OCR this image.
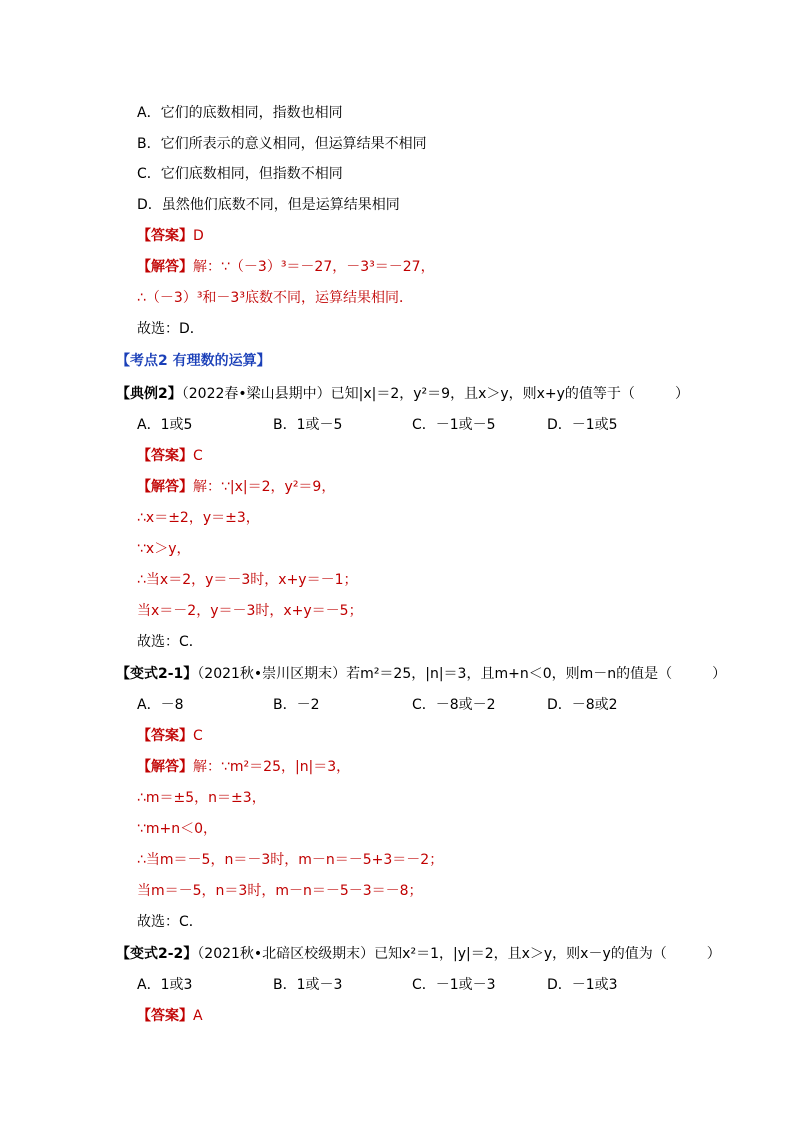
A．它们的底数相同，指数也相同
B．它们所表示的意义相同，但运算结果不相同
C．它们底数相同，但指数不相同
D．虽然他们底数不同，但是运算结果相同
【答案】D
【解答】解：∵（－3）³＝－27，－3³＝－27，
∴（－3）³和－3³底数不同，运算结果相同．
故选：D．
【考点2 有理数的运算】
【典例2】（2022春•梁山县期中）已知|x|＝2，y²＝9，且x＞y，则x+y的值等于（	）
A．1或5	B．1或－5	C．－1或－5	D．－1或5
【答案】C
【解答】解：∵|x|＝2，y²＝9，
∴x＝±2，y＝±3，
∵x＞y，
∴当x＝2，y＝－3时，x+y＝－1；
当x＝－2，y＝－3时，x+y＝－5；
故选：C．
【变式2-1】（2021秋•崇川区期末）若m²＝25，|n|＝3，且m+n＜0，则m－n的值是（	）
A．－8	B．－2	C．－8或－2	D．－8或2
【答案】C
【解答】解：∵m²＝25，|n|＝3，
∴m＝±5，n＝±3，
∵m+n＜0，
∴当m＝－5，n＝－3时，m－n＝－5+3＝－2；
当m＝－5，n＝3时，m－n＝－5－3＝－8；
故选：C．
【变式2-2】（2021秋•北碚区校级期末）已知x²＝1，|y|＝2，且x＞y，则x－y的值为（	）
A．1或3	B．1或－3	C．－1或－3	D．－1或3
【答案】A
